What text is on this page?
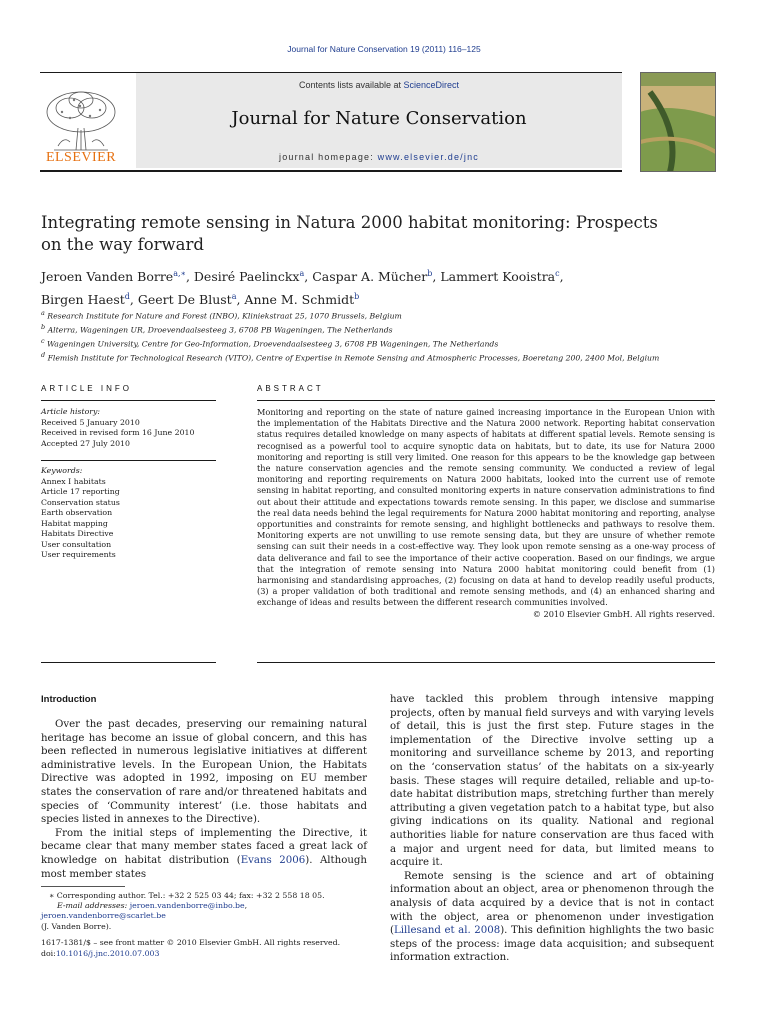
Journal for Nature Conservation 19 (2011) 116–125
Contents lists available at ScienceDirect
Journal for Nature Conservation
journal homepage: www.elsevier.de/jnc
ELSEVIER
Integrating remote sensing in Natura 2000 habitat monitoring: Prospects on the way forward
Jeroen Vanden Borre$^{a,∗}$, Desiré Paelinckx$^a$, Caspar A. Mücher$^b$, Lammert Kooistra$^c$,
Birgen Haest$^d$, Geert De Blust$^a$, Anne M. Schmidt$^b$
$^a$ Research Institute for Nature and Forest (INBO), Kliniekstraat 25, 1070 Brussels, Belgium
$^b$ Alterra, Wageningen UR, Droevendaalsesteeg 3, 6708 PB Wageningen, The Netherlands
$^c$ Wageningen University, Centre for Geo-Information, Droevendaalsesteeg 3, 6708 PB Wageningen, The Netherlands
$^d$ Flemish Institute for Technological Research (VITO), Centre of Expertise in Remote Sensing and Atmospheric Processes, Boeretang 200, 2400 Mol, Belgium
ARTICLE INFO
Article history:
Received 5 January 2010
Received in revised form 16 June 2010
Accepted 27 July 2010
Keywords:
Annex I habitats
Article 17 reporting
Conservation status
Earth observation
Habitat mapping
Habitats Directive
User consultation
User requirements
ABSTRACT
Monitoring and reporting on the state of nature gained increasing importance in the European Union with the implementation of the Habitats Directive and the Natura 2000 network. Reporting habitat conservation status requires detailed knowledge on many aspects of habitats at different spatial levels. Remote sensing is recognised as a powerful tool to acquire synoptic data on habitats, but to date, its use for Natura 2000 monitoring and reporting is still very limited. One reason for this appears to be the knowledge gap between the nature conservation agencies and the remote sensing community. We conducted a review of legal monitoring and reporting requirements on Natura 2000 habitats, looked into the current use of remote sensing in habitat reporting, and consulted monitoring experts in nature conservation administrations to find out about their attitude and expectations towards remote sensing. In this paper, we disclose and summarise the real data needs behind the legal requirements for Natura 2000 habitat monitoring and reporting, analyse opportunities and constraints for remote sensing, and highlight bottlenecks and pathways to resolve them. Monitoring experts are not unwilling to use remote sensing data, but they are unsure of whether remote sensing can suit their needs in a cost-effective way. They look upon remote sensing as a one-way process of data deliverance and fail to see the importance of their active cooperation. Based on our findings, we argue that the integration of remote sensing into Natura 2000 habitat monitoring could benefit from (1) harmonising and standardising approaches, (2) focusing on data at hand to develop readily useful products, (3) a proper validation of both traditional and remote sensing methods, and (4) an enhanced sharing and exchange of ideas and results between the different research communities involved.
© 2010 Elsevier GmbH. All rights reserved.
Introduction

Over the past decades, preserving our remaining natural heritage has become an issue of global concern, and this has been reflected in numerous legislative initiatives at different administrative levels. In the European Union, the Habitats Directive was adopted in 1992, imposing on EU member states the conservation of rare and/or threatened habitats and species of ‘Community interest’ (i.e. those habitats and species listed in annexes to the Directive).

From the initial steps of implementing the Directive, it became clear that many member states faced a great lack of knowledge on habitat distribution (Evans 2006). Although most member states

have tackled this problem through intensive mapping projects, often by manual field surveys and with varying levels of detail, this is just the first step. Future stages in the implementation of the Directive involve setting up a monitoring and surveillance scheme by 2013, and reporting on the ‘conservation status’ of the habitats on a six-yearly basis. These stages will require detailed, reliable and up-to-date habitat distribution maps, stretching further than merely attributing a given vegetation patch to a habitat type, but also giving indications on its quality. National and regional authorities liable for nature conservation are thus faced with a major and urgent need for data, but limited means to acquire it.

Remote sensing is the science and art of obtaining information about an object, area or phenomenon through the analysis of data acquired by a device that is not in contact with the object, area or phenomenon under investigation (Lillesand et al. 2008). This definition highlights the two basic steps of the process: image data acquisition; and subsequent information extraction.

∗ Corresponding author. Tel.: +32 2 525 03 44; fax: +32 2 558 18 05.
E-mail addresses: jeroen.vandenborre@inbo.be, jeroen.vandenborre@scarlet.be
(J. Vanden Borre).
1617-1381/$ – see front matter © 2010 Elsevier GmbH. All rights reserved.
doi:10.1016/j.jnc.2010.07.003
